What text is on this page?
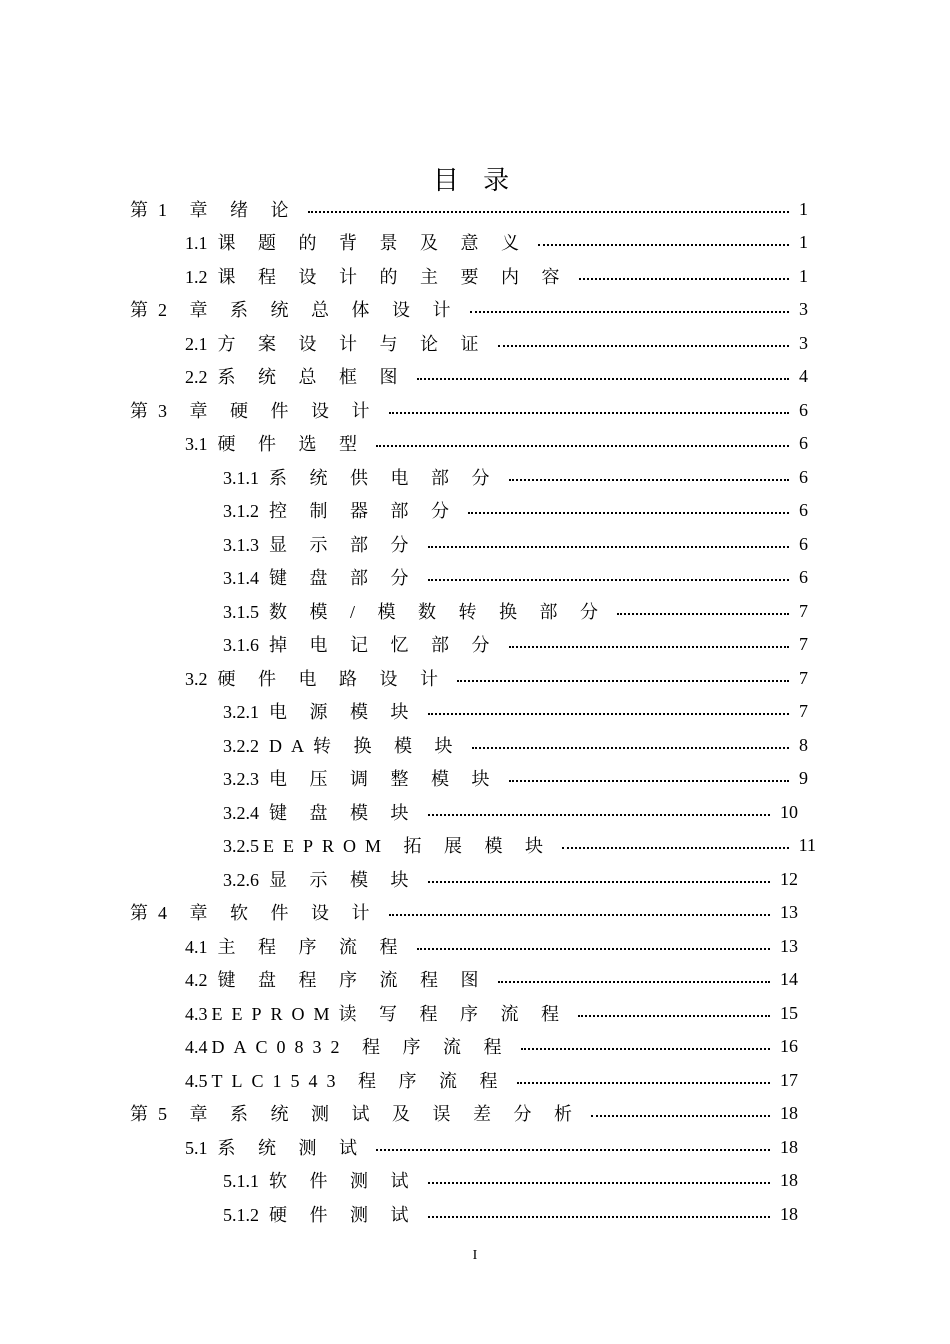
目 录
第 1 章 绪 论	1
1.1 课 题 的 背 景 及 意 义	1
1.2 课 程 设 计 的 主 要 内 容	1
第 2 章 系 统 总 体 设 计	3
2.1 方 案 设 计 与 论 证	3
2.2 系 统 总 框 图	4
第 3 章 硬 件 设 计	6
3.1 硬 件 选 型	6
3.1.1 系 统 供 电 部 分	6
3.1.2 控 制 器 部 分	6
3.1.3 显 示 部 分	6
3.1.4 键 盘 部 分	6
3.1.5 数 模 / 模 数 转 换 部 分	7
3.1.6 掉 电 记 忆 部 分	7
3.2 硬 件 电 路 设 计	7
3.2.1 电 源 模 块	7
3.2.2 DA转 换 模 块	8
3.2.3 电 压 调 整 模 块	9
3.2.4 键 盘 模 块	10
3.2.5 EEPROM 拓 展 模 块	11
3.2.6 显 示 模 块	12
第 4 章 软 件 设 计	13
4.1 主 程 序 流 程	13
4.2 键 盘 程 序 流 程 图	14
4.3 EEPROM读 写 程 序 流 程	15
4.4 DAC0832 程 序 流 程	16
4.5 TLC1543 程 序 流 程	17
第 5 章 系 统 测 试 及 误 差 分 析	18
5.1 系 统 测 试	18
5.1.1 软 件 测 试	18
5.1.2 硬 件 测 试	18
I
